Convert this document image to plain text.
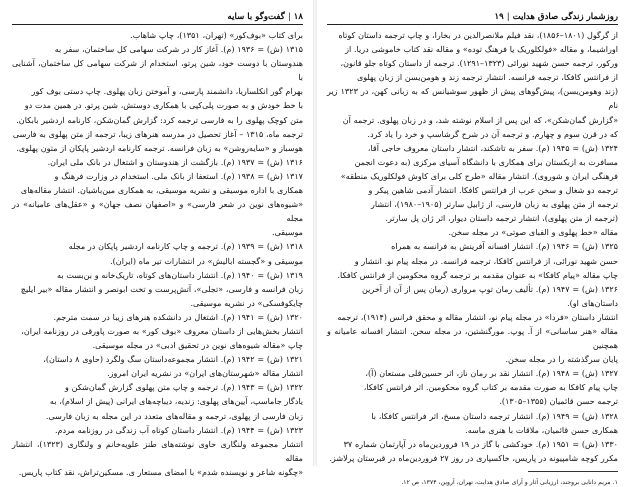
١٨|گفت‌وگو با سایه

برای کتاب «بوف‌کور» (تهران، ۱۳۵۱)، چاپ شاهاب.

۱۳۱۵ (ش) = ۱۹۳۶ (م). آغاز کار در شرکت سهامی کل ساختمان، سفر به

هندوستان با دوست خود، شین پرتو، استخدام از شرکت سهامی کل ساختمان، آشنایی با

بهرام گور انکلساریا، دانشمند پارسی، و آموختن زبان پهلوی. چاپ دستی بوف کور

با خط خودش و به صورت پلی‌کپی با همکاری دوستش، شین پرتو. در همین مدت دو

متن کوچک پهلوی را به فارسی ترجمه کرد: گزارش گمان‌شکن، کارنامه اردشیر بابکان.

ترجمه ماه، ۱۳۱۵ – آغاز تحصیل در مدرسه هنرهای زیبا، ترجمه از متن پهلوی به فارسی

هوسباز و «سایه‌روشن» به زبان فرانسه. ترجمه کارنامه اردشیر پاپکان از متون پهلوی.

۱۳۱۶ (ش) = ۱۹۳۷ (م). بازگشت از هندوستان و اشتغال در بانک ملی ایران.

۱۳۱۷ (ش) = ۱۹۳۸ (م). استعفا از بانک ملی. استخدام در وزارت فرهنگ و

همکاری با اداره موسیقی و نشریه موسیقی، به همکاری مین‌باشیان. انتشار مقاله‌های

«شیوه‌های نوین در شعر فارسی» و «اصفهان نصف جهان» و «عقل‌های عامیانه» در مجله

موسیقی.

۱۳۱۸ (ش) = ۱۹۳۹ (م). ترجمه و چاپ کارنامه اردشیر پاپکان در مجله

موسیقی و «گجسته اباليش» در انتشارات تیر ماه (ایران).

۱۳۱۹ (ش) = ۱۹۴۰ (م). انتشار داستان‌های کوتاه، تاریک‌خانه و بن‌بست به

زبان فرانسه و فارسی، «تجلی»، آتش‌پرست و تخت ابونصر و انتشار مقاله «بیر ایلیچ

چایکوفسکی» در نشریه موسیقی.

۱۳۲۰ (ش) = ۱۹۴۱ (م). اشتغال در دانشکده هنرهای زیبا در سمت مترجم.

انتشار بخش‌هایی از داستان معروف «بوف کور» به صورت پاورقی در روزنامه ایران،

چاپ «مقاله شیوه‌های نوین در تحقیق ادبی» در مجله موسیقی.

۱۳۲۱ (ش) = ۱۹۴۲ (م). انتشار مجموعه‌داستان سگ ولگرد (حاوی ۸ داستان)،

انتشار مقاله «شهرستان‌های ایران» در نشریه ایران امروز.

۱۳۲۲ (ش) = ۱۹۴۳ (م). ترجمه و چاپ متن پهلوی گزارش گمان‌شکن و

یادگار جاماسپ، آیین‌های پهلوی: زندیه، دیباچه‌های ایرانی (پیش از اسلام)، به

زبان فارسی از پهلوی، ترجمه و مقاله‌های متعدد در این مجله به زبان فارسی.

۱۳۲۳ (ش) = ۱۹۴۴ (م). انتشار داستان کوتاه آب زندگی در روزنامه مردم.

انتشار مجموعه ولنگاری حاوی نوشته‌های طنز علویه‌خانم و ولنگاری (۱۳۲۳)، انتشار مقاله

«چگونه شاعر و نویسنده شدم» با امضای مستعار ی. مسکین‌تراش، نقد کتاب پاریس.

روزشمار زندگی صادق هدایت|١٩

از گرگول (۱۸۰۱–۱۸۵۶)، نقد فیلم ملانصرالدین در بخارا، و چاپ ترجمه داستان کوتاه

اوراشیما، و مقاله «فولکلوریک یا فرهنگ توده» و مقاله نقد کتاب خاموشی دریا. از

ورکور، ترجمه حسن شهید نورائی (۱۳۲۳–۱۲۹۱). ترجمه از داستان کوتاه جلو قانون،

از فرانتس کافکا، ترجمه فرانسه. انتشار ترجمه زند و هومن‌یسن از زبان پهلوی

(زند وهومن‌یسن)، پیش‌گوهای پیش از ظهور سوشیانس که به زبانی کهن، در ۱۳۲۳ زیر نام

«گزارش گمان‌شکن»، که این پس از اسلام نوشته شد، و در زبان پهلوی. ترجمه آن

که در قرن سوم و چهارم. و ترجمه آن در شرح گرشاسپ و خرد را یاد کرد.

۱۳۲۴ (ش) = ۱۹۴۵ (م). سفر به تاشکند، انتشار داستان معروف حاجی آقا،

مسافرت به ازبکستان برای همکاری با دانشگاه آسیای مرکزی (به دعوت انجمن

فرهنگی ایران و شوروی). انتشار مقاله «طرح کلی برای کاوش فولکلوریک منطقه»

ترجمه دو شغال و سخن عرب از فرانتس کافکا. انتشار آدمی شاهین پیکر و

ترجمه از متن پهلوی به زبان فارسی، از ژابیل سارتر (۱۹۰۵–۱۹۸۰)، انتشار

(ترجمه از متن پهلوی)، انتشار ترجمه داستان دیوار، اثر ژان پل سارتر.

مقاله «خط پهلوی و الفبای صوتی» در مجله سخن.

۱۳۲۵ (ش) = ۱۹۴۶ (م). انتشار افسانه آفرینش به فرانسه به همراه

حسن شهید نورائی، از فرانتس کافکا، ترجمه فرانسه. در مجله پیام نو. انتشار و

چاپ مقاله «پیام کافکا» به عنوان مقدمه بر ترجمه گروه محکومین از فرانتس کافکا.

۱۳۲۶ (ش) = ۱۹۴۷ (م). تألیف رمان توپ مرواری (رمان پس از آن از آخرین

داستان‌های او).

انتشار داستان «فردا» در مجله پیام نو، انتشار مقاله و محقق فرانس (۱۹۱۴)، ترجمه

مقاله «هنر ساسانی» از آ. پوپ. مورگنشتین، در مجله سخن. انتشار افسانه عامیانه و همچنین

پایان سرگذشته را در مجله سخن.

۱۳۲۷ (ش) = ۱۹۴۸ (م). انتشار نقد بر رمان ناز، اثر حسین‌قلی مستعان (آ)،

چاپ پیام کافکا به صورت مقدمه بر کتاب گروه محکومین. اثر فرانتس کافکا،

ترجمه حسن قائمیان (۱۳۵۵–۱۳۰۵).

۱۳۲۸ (ش) = ۱۹۴۹ (م). انتشار ترجمه داستان مسخ، اثر فرانتس کافکا، با

همکاری حسن قائمیان، ملاقات با هنری ماسه.

۱۳۳۰ (ش) = ۱۹۵۱ (م). خودکشی با گاز در ۱۹ فروردین‌ماه در آپارتمان شماره ۳۷

مکرر کوچه شامپیونه در پاریس، خاکسپاری در روز ۲۷ فروردین‌ماه در قبرستان پرلاشز.

۱. مریم دانایی بروجند، ارزیابی آثار و آرای صادق هدایت، تهران، آروین، ۱۳۷۴، ص ۱۲.
